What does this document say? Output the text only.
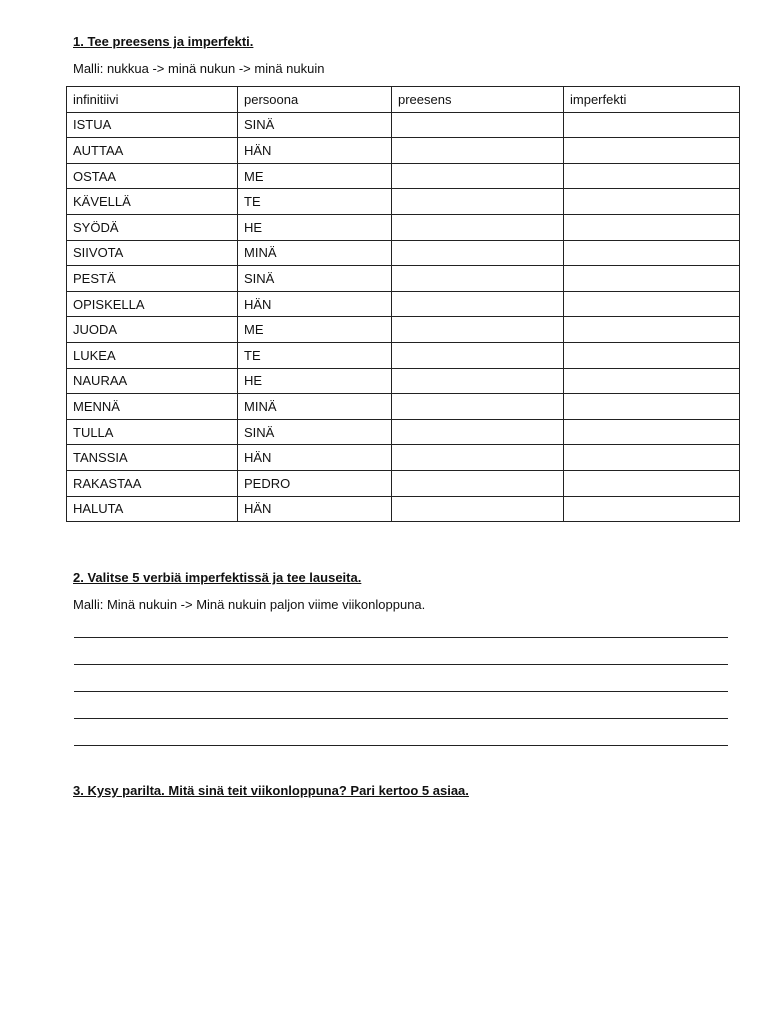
1. Tee preesens ja imperfekti.
Malli: nukkua -> minä nukun -> minä nukuin
infinitiivi	persoona	preesens	imperfekti
ISTUA	SINÄ		
AUTTAA	HÄN		
OSTAA	ME		
KÄVELLÄ	TE		
SYÖDÄ	HE		
SIIVOTA	MINÄ		
PESTÄ	SINÄ		
OPISKELLA	HÄN		
JUODA	ME		
LUKEA	TE		
NAURAA	HE		
MENNÄ	MINÄ		
TULLA	SINÄ		
TANSSIA	HÄN		
RAKASTAA	PEDRO		
HALUTA	HÄN		
2. Valitse 5 verbiä imperfektissä ja tee lauseita.
Malli: Minä nukuin -> Minä nukuin paljon viime viikonloppuna.
3. Kysy parilta. Mitä sinä teit viikonloppuna? Pari kertoo 5 asiaa.
